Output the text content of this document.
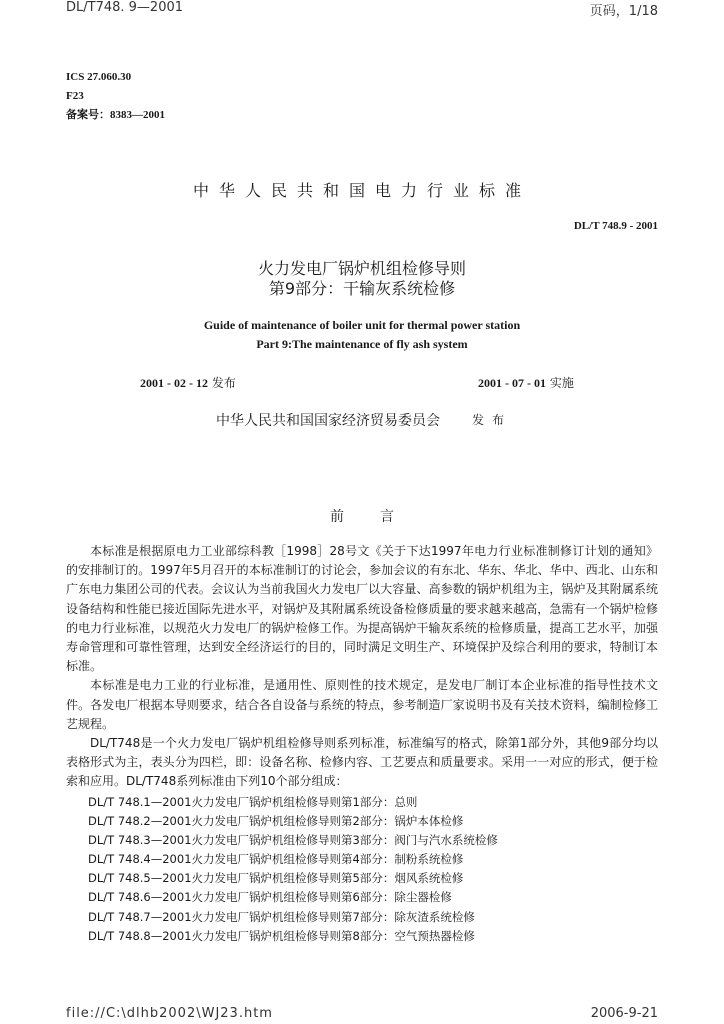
DL/T748. 9—2001	页码，1/18
ICS 27.060.30
F23
备案号：8383—2001
中华人民共和国电力行业标准
DL/T 748.9 - 2001
火力发电厂锅炉机组检修导则
第9部分：干输灰系统检修
Guide of maintenance of boiler unit for thermal power station
Part 9:The maintenance of fly ash system
2001 - 02 - 12 发布	2001 - 07 - 01 实施
中华人民共和国国家经济贸易委员会	发布
前	言

本标准是根据原电力工业部综科教［1998］28号文《关于下达1997年电力行业标准制修订计划的通知》的安排制订的。1997年5月召开的本标准制订的讨论会，参加会议的有东北、华东、华北、华中、西北、山东和广东电力集团公司的代表。会议认为当前我国火力发电厂以大容量、高参数的锅炉机组为主，锅炉及其附属系统设备结构和性能已接近国际先进水平，对锅炉及其附属系统设备检修质量的要求越来越高，急需有一个锅炉检修的电力行业标准，以规范火力发电厂的锅炉检修工作。为提高锅炉干输灰系统的检修质量，提高工艺水平，加强寿命管理和可靠性管理，达到安全经济运行的目的，同时满足文明生产、环境保护及综合利用的要求，特制订本标准。

本标准是电力工业的行业标准，是通用性、原则性的技术规定，是发电厂制订本企业标准的指导性技术文件。各发电厂根据本导则要求，结合各自设备与系统的特点，参考制造厂家说明书及有关技术资料，编制检修工艺规程。

DL/T748是一个火力发电厂锅炉机组检修导则系列标准，标准编写的格式，除第1部分外，其他9部分均以表格形式为主，表头分为四栏，即：设备名称、检修内容、工艺要点和质量要求。采用一一对应的形式，便于检索和应用。DL/T748系列标准由下列10个部分组成：

DL/T 748.1—2001火力发电厂锅炉机组检修导则第1部分：总则
DL/T 748.2—2001火力发电厂锅炉机组检修导则第2部分：锅炉本体检修
DL/T 748.3—2001火力发电厂锅炉机组检修导则第3部分：阀门与汽水系统检修
DL/T 748.4—2001火力发电厂锅炉机组检修导则第4部分：制粉系统检修
DL/T 748.5—2001火力发电厂锅炉机组检修导则第5部分：烟风系统检修
DL/T 748.6—2001火力发电厂锅炉机组检修导则第6部分：除尘器检修
DL/T 748.7—2001火力发电厂锅炉机组检修导则第7部分：除灰渣系统检修
DL/T 748.8—2001火力发电厂锅炉机组检修导则第8部分：空气预热器检修
file://C:\dlhb2002\WJ23.htm	2006-9-21
